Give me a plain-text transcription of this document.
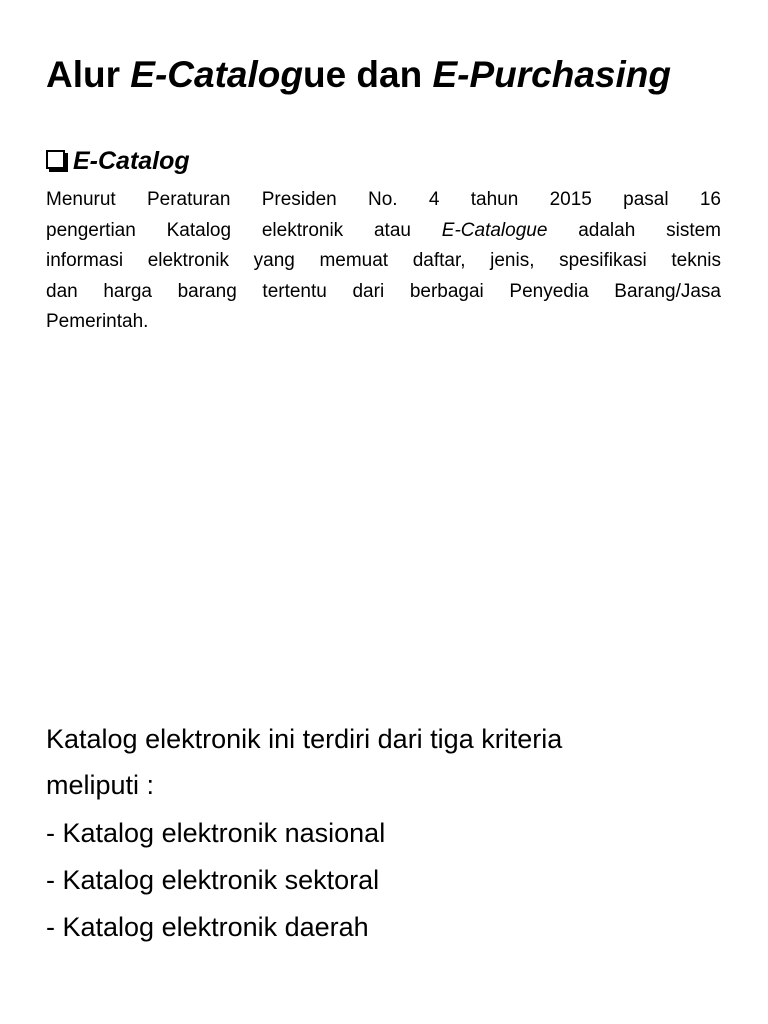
Alur E-Catalogue dan E-Purchasing
E-Catalog
Menurut Peraturan Presiden No. 4 tahun 2015 pasal 16
pengertian Katalog elektronik atau E-Catalogue adalah sistem
informasi elektronik yang memuat daftar, jenis, spesifikasi teknis
dan harga barang tertentu dari berbagai Penyedia Barang/Jasa
Pemerintah.
Katalog elektronik ini terdiri dari tiga kriteria
meliputi :
- Katalog elektronik nasional
- Katalog elektronik sektoral
- Katalog elektronik daerah
